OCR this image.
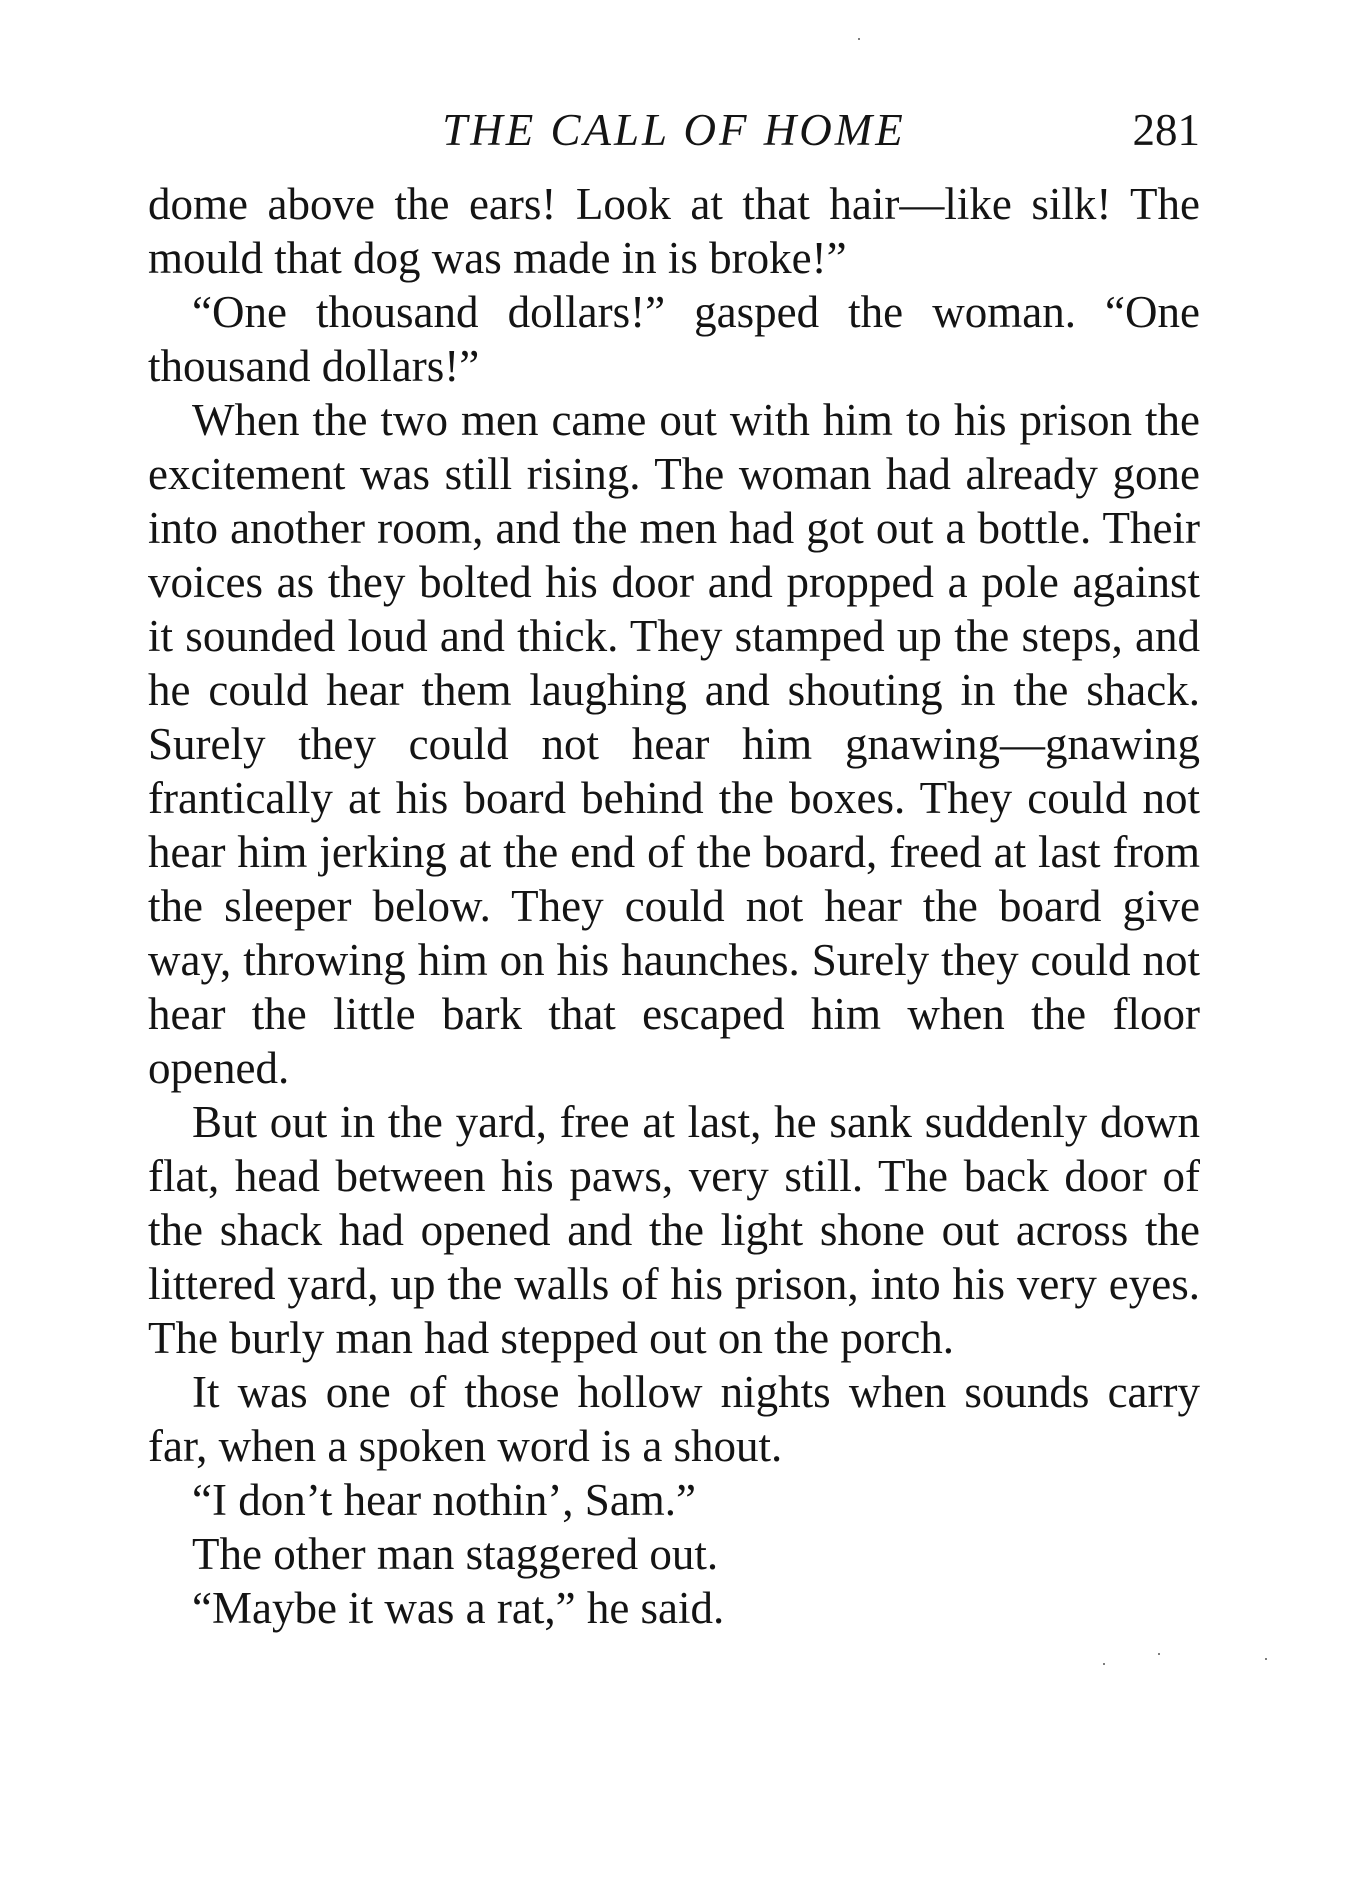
THE CALL OF HOME	281

dome above the ears! Look at that hair—like silk! The mould that dog was made in is broke!”

“One thousand dollars!” gasped the woman. “One thousand dollars!”

When the two men came out with him to his prison the excitement was still rising. The woman had already gone into another room, and the men had got out a bottle. Their voices as they bolted his door and propped a pole against it sounded loud and thick. They stamped up the steps, and he could hear them laughing and shouting in the shack. Surely they could not hear him gnawing—gnawing frantically at his board behind the boxes. They could not hear him jerking at the end of the board, freed at last from the sleeper below. They could not hear the board give way, throwing him on his haunches. Surely they could not hear the little bark that escaped him when the floor opened.

But out in the yard, free at last, he sank suddenly down flat, head between his paws, very still. The back door of the shack had opened and the light shone out across the littered yard, up the walls of his prison, into his very eyes. The burly man had stepped out on the porch.

It was one of those hollow nights when sounds carry far, when a spoken word is a shout.

“I don’t hear nothin’, Sam.”

The other man staggered out.

“Maybe it was a rat,” he said.
